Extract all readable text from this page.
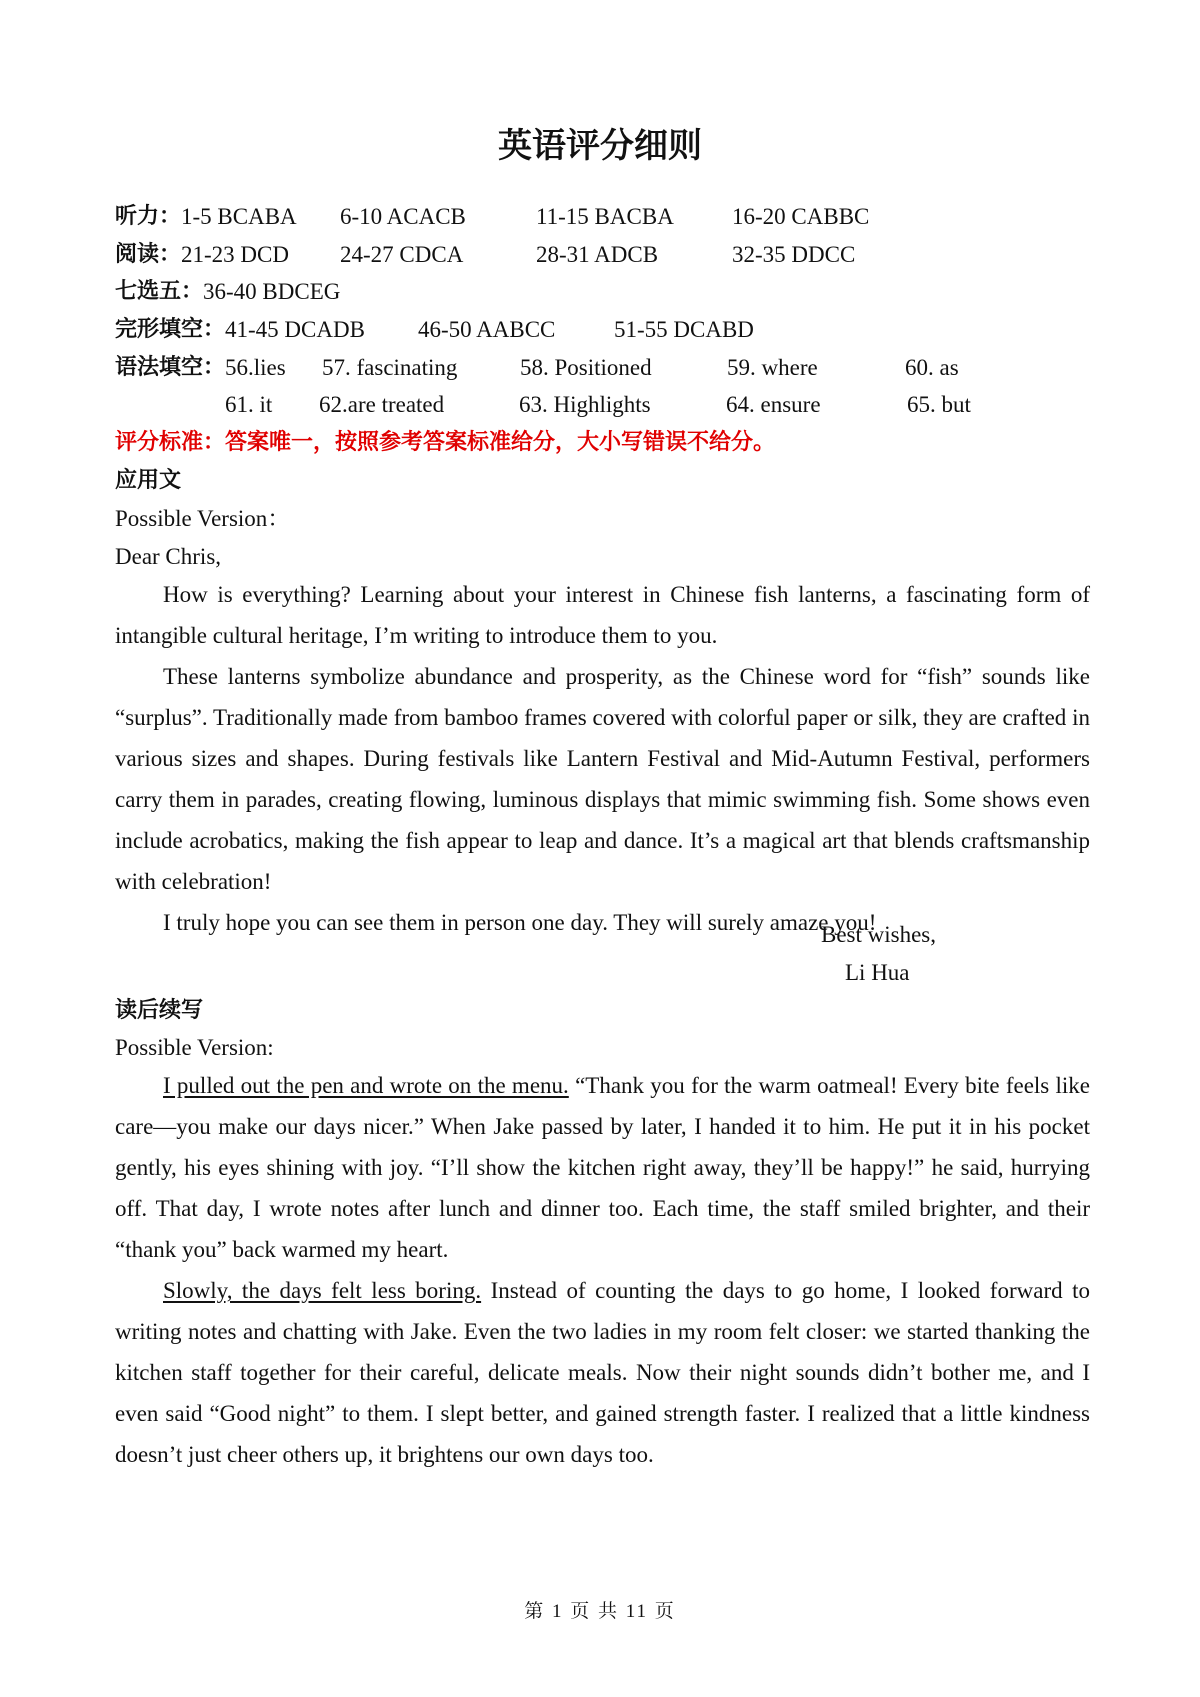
英语评分细则
听力： 1-5 BCABA 6-10 ACACB	11-15 BACBA	16-20 CABBC
阅读： 21-23 DCD 24-27 CDCA	28-31 ADCB	32-35 DDCC
七选五： 36-40 BDCEG
完形填空： 41-45 DCADB 46-50 AABCC	51-55 DCABD
语法填空： 56.lies 57. fascinating	58. Positioned	59. where	60. as
61. it 62.are treated	63. Highlights	64. ensure	65. but
评分标准：答案唯一，按照参考答案标准给分，大小写错误不给分。
应用文
Possible Version：
Dear Chris,

How is everything? Learning about your interest in Chinese fish lanterns, a fascinating form of intangible cultural heritage, I’m writing to introduce them to you.

These lanterns symbolize abundance and prosperity, as the Chinese word for “fish” sounds like “surplus”. Traditionally made from bamboo frames covered with colorful paper or silk, they are crafted in various sizes and shapes. During festivals like Lantern Festival and Mid-Autumn Festival, performers carry them in parades, creating flowing, luminous displays that mimic swimming fish. Some shows even include acrobatics, making the fish appear to leap and dance. It’s a magical art that blends craftsmanship with celebration!

I truly hope you can see them in person one day. They will surely amaze you!

Best wishes,
Li Hua
读后续写
Possible Version:

I pulled out the pen and wrote on the menu. “Thank you for the warm oatmeal! Every bite feels like care—you make our days nicer.” When Jake passed by later, I handed it to him. He put it in his pocket gently, his eyes shining with joy. “I’ll show the kitchen right away, they’ll be happy!” he said, hurrying off. That day, I wrote notes after lunch and dinner too. Each time, the staff smiled brighter, and their “thank you” back warmed my heart.

Slowly, the days felt less boring. Instead of counting the days to go home, I looked forward to writing notes and chatting with Jake. Even the two ladies in my room felt closer: we started thanking the kitchen staff together for their careful, delicate meals. Now their night sounds didn’t bother me, and I even said “Good night” to them. I slept better, and gained strength faster. I realized that a little kindness doesn’t just cheer others up, it brightens our own days too.

第 1 页 共 11 页
